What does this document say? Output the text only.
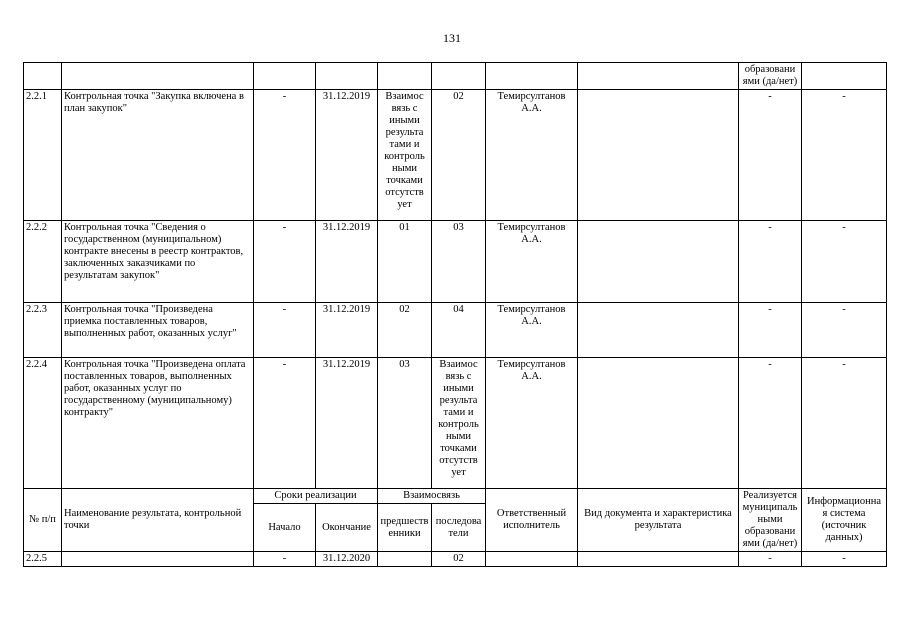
131
								образовани ями (да/нет)	
2.2.1	Контрольная точка "Закупка включена в план закупок"	-	31.12.2019	Взаимос вязь с иными результа тами и контроль ными точками отсутств ует	02	Темирсултанов А.А.		-	-
2.2.2	Контрольная точка "Сведения о государственном (муниципальном) контракте внесены в реестр контрактов, заключенных заказчиками по результатам закупок"	-	31.12.2019	01	03	Темирсултанов А.А.		-	-
2.2.3	Контрольная точка "Произведена приемка поставленных товаров, выполненных работ, оказанных услуг"	-	31.12.2019	02	04	Темирсултанов А.А.		-	-
2.2.4	Контрольная точка "Произведена оплата поставленных товаров, выполненных работ, оказанных услуг по государственному (муниципальному) контракту"	-	31.12.2019	03	Взаимос вязь с иными результа тами и контроль ными точками отсутств ует	Темирсултанов А.А.		-	-
№ п/п	Наименование результата, контрольной точки	Сроки реализации		Взаимосвязь		Ответственный исполнитель	Вид документа и характеристика результата	Реализуется муниципаль ными образовани ями (да/нет)	Информационна я система (источник данных)
		Начало	Окончание	предшеств енники	последова тели				
2.2.5		-	31.12.2020		02			-	-
